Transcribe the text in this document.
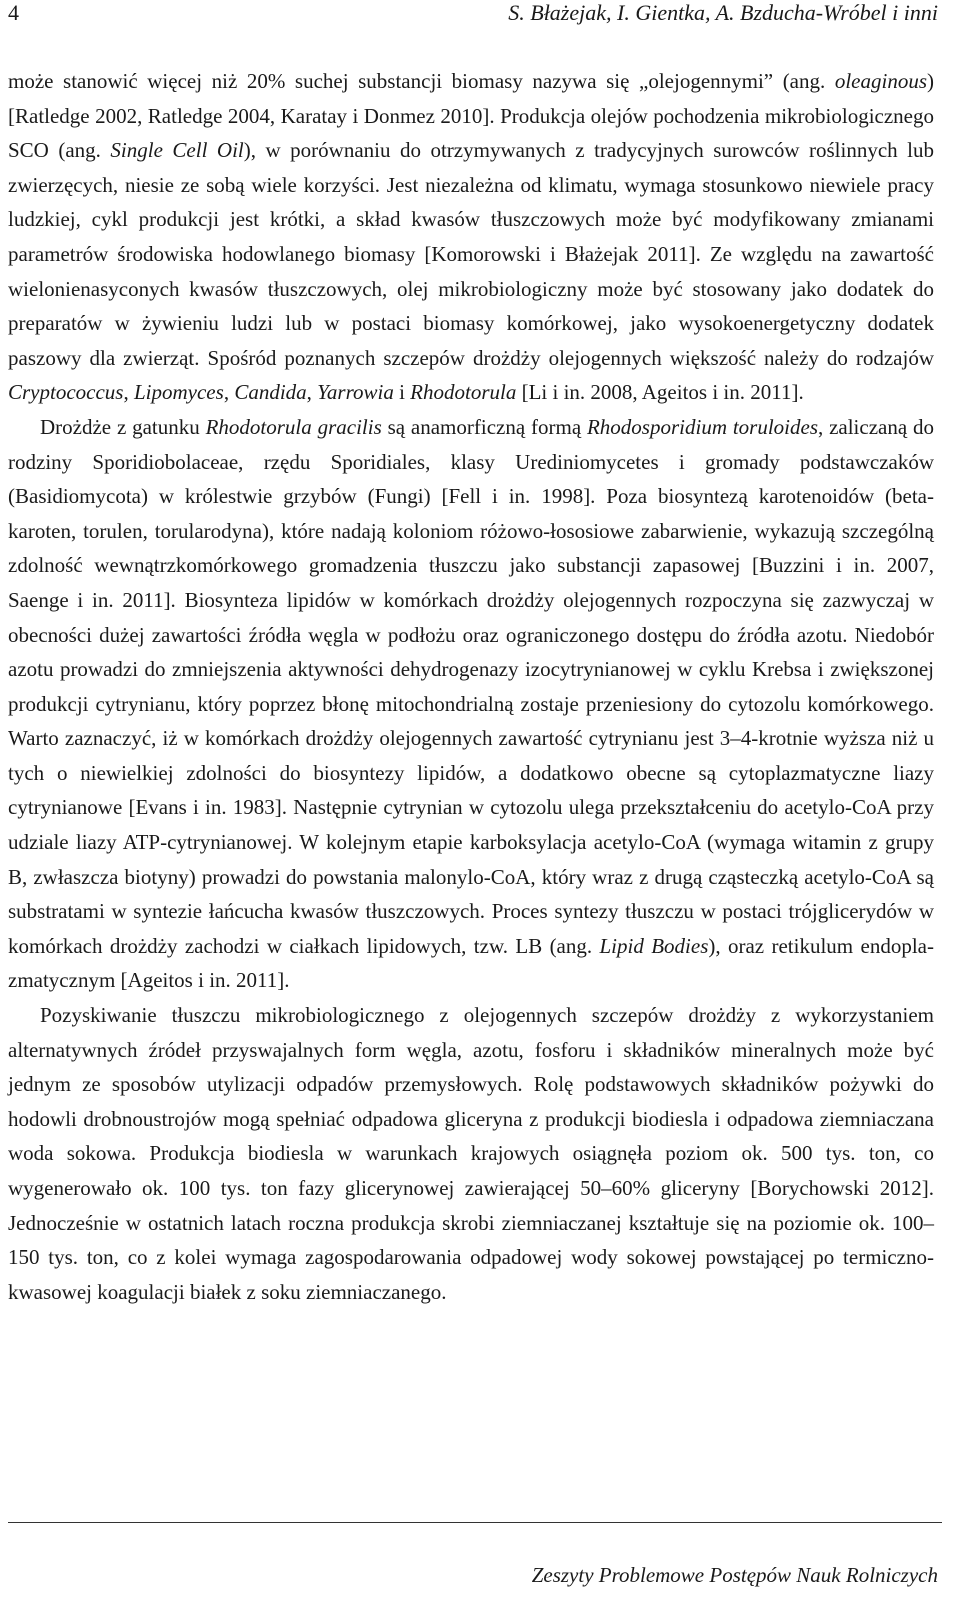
4	S. Błażejak, I. Gientka, A. Bzducha-Wróbel i inni

może stanowić więcej niż 20% suchej substancji biomasy nazywa się „olejogennymi” (ang. oleaginous) [Ratledge 2002, Ratledge 2004, Karatay i Donmez 2010]. Produkcja olejów pochodzenia mikrobiologicznego SCO (ang. Single Cell Oil), w porównaniu do otrzymywanych z tradycyjnych surowców roślinnych lub zwierzęcych, niesie ze sobą wiele korzyści. Jest niezależna od klimatu, wymaga stosunkowo niewiele pracy ludzkiej, cykl produkcji jest krótki, a skład kwasów tłuszczowych może być modyfikowany zmianami parametrów środowiska hodowlanego biomasy [Komorowski i Błażejak 2011]. Ze względu na zawartość wielonienasyconych kwasów tłuszczowych, olej mikrobiologiczny może być stosowany jako dodatek do preparatów w żywieniu ludzi lub w postaci biomasy komórkowej, jako wysokoenergetyczny dodatek paszowy dla zwierząt. Spośród poznanych szczepów drożdży olejogennych większość należy do rodzajów Cryptococcus, Lipomyces, Candida, Yarrowia i Rhodotorula [Li i in. 2008, Ageitos i in. 2011].

Drożdże z gatunku Rhodotorula gracilis są anamorficzną formą Rhodosporidium toruloides, zaliczaną do rodziny Sporidiobolaceae, rzędu Sporidiales, klasy Urediniomycetes i gromady podstawczaków (Basidiomycota) w królestwie grzybów (Fungi) [Fell i in. 1998]. Poza biosyntezą karotenoidów (beta-karoten, torulen, torularodyna), które nadają koloniom różowo-łososiowe zabarwienie, wykazują szczególną zdolność wewnątrzkomórkowego gromadzenia tłuszczu jako substancji zapasowej [Buzzini i in. 2007, Saenge i in. 2011]. Biosynteza lipidów w komórkach drożdży olejogennych rozpoczyna się zazwyczaj w obecności dużej zawartości źródła węgla w podłożu oraz ograniczonego dostępu do źródła azotu. Niedobór azotu prowadzi do zmniejszenia aktywności dehydrogenazy izocytrynianowej w cyklu Krebsa i zwiększonej produkcji cytrynianu, który poprzez błonę mitochondrialną zostaje przeniesiony do cytozolu komórkowego. Warto zaznaczyć, iż w komórkach drożdży olejogennych zawartość cytrynianu jest 3–4-krotnie wyższa niż u tych o niewielkiej zdolności do biosyntezy lipidów, a dodatkowo obecne są cytoplazmatyczne liazy cytrynianowe [Evans i in. 1983]. Następnie cytrynian w cytozolu ulega przekształceniu do acetylo-CoA przy udziale liazy ATP-cytrynianowej. W kolejnym etapie karboksylacja acetylo-CoA (wymaga witamin z grupy B, zwłaszcza biotyny) prowadzi do powstania malonylo-CoA, który wraz z drugą cząsteczką acetylo-CoA są substratami w syntezie łańcucha kwasów tłuszczowych. Proces syntezy tłuszczu w postaci trójglicerydów w komórkach drożdży zachodzi w ciałkach lipidowych, tzw. LB (ang. Lipid Bodies), oraz retikulum endoplazmatycznym [Ageitos i in. 2011].

Pozyskiwanie tłuszczu mikrobiologicznego z olejogennych szczepów drożdży z wykorzystaniem alternatywnych źródeł przyswajalnych form węgla, azotu, fosforu i składników mineralnych może być jednym ze sposobów utylizacji odpadów przemysłowych. Rolę podstawowych składników pożywki do hodowli drobnoustrojów mogą spełniać odpadowa gliceryna z produkcji biodiesla i odpadowa ziemniaczana woda sokowa. Produkcja biodiesla w warunkach krajowych osiągnęła poziom ok. 500 tys. ton, co wygenerowało ok. 100 tys. ton fazy glicerynowej zawierającej 50–60% gliceryny [Borychowski 2012]. Jednocześnie w ostatnich latach roczna produkcja skrobi ziemniaczanej kształtuje się na poziomie ok. 100–150 tys. ton, co z kolei wymaga zagospodarowania odpadowej wody sokowej powstającej po termiczno-kwasowej koagulacji białek z soku ziemniaczanego.

Zeszyty Problemowe Postępów Nauk Rolniczych
